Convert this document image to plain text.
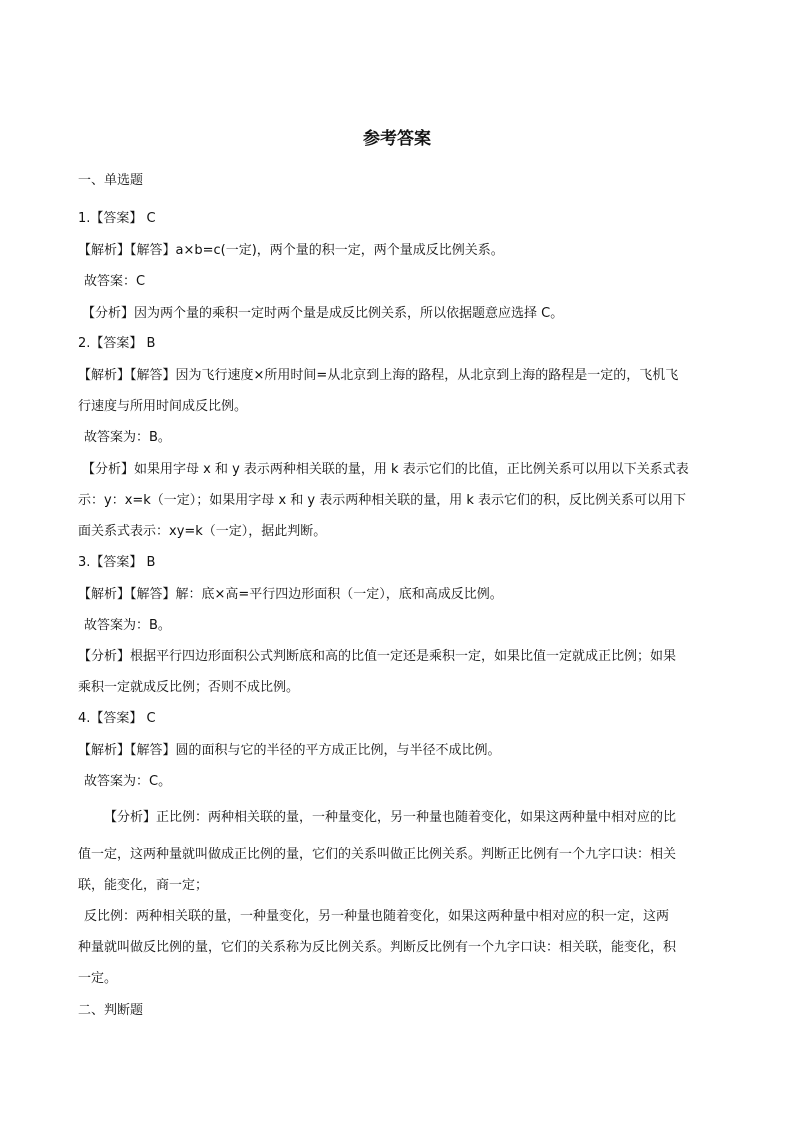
参考答案
一、单选题
1.【答案】 C
【解析】【解答】a×b=c(一定)，两个量的积一定，两个量成反比例关系。
故答案：C
【分析】因为两个量的乘积一定时两个量是成反比例关系，所以依据题意应选择 C。
2.【答案】 B
【解析】【解答】因为飞行速度×所用时间=从北京到上海的路程，从北京到上海的路程是一定的，飞机飞
行速度与所用时间成反比例。
故答案为：B。
【分析】如果用字母 x 和 y 表示两种相关联的量，用 k 表示它们的比值，正比例关系可以用以下关系式表
示：y：x=k（一定）；如果用字母 x 和 y 表示两种相关联的量，用 k 表示它们的积，反比例关系可以用下
面关系式表示：xy=k（一定），据此判断。
3.【答案】 B
【解析】【解答】解：底×高=平行四边形面积（一定），底和高成反比例。
故答案为：B。
【分析】根据平行四边形面积公式判断底和高的比值一定还是乘积一定，如果比值一定就成正比例；如果
乘积一定就成反比例；否则不成比例。
4.【答案】 C
【解析】【解答】圆的面积与它的半径的平方成正比例，与半径不成比例。
故答案为：C。
【分析】正比例：两种相关联的量，一种量变化，另一种量也随着变化，如果这两种量中相对应的比
值一定，这两种量就叫做成正比例的量，它们的关系叫做正比例关系。判断正比例有一个九字口诀：相关
联，能变化，商一定；
反比例：两种相关联的量，一种量变化，另一种量也随着变化，如果这两种量中相对应的积一定，这两
种量就叫做反比例的量，它们的关系称为反比例关系。判断反比例有一个九字口诀：相关联，能变化，积
一定。
二、判断题
